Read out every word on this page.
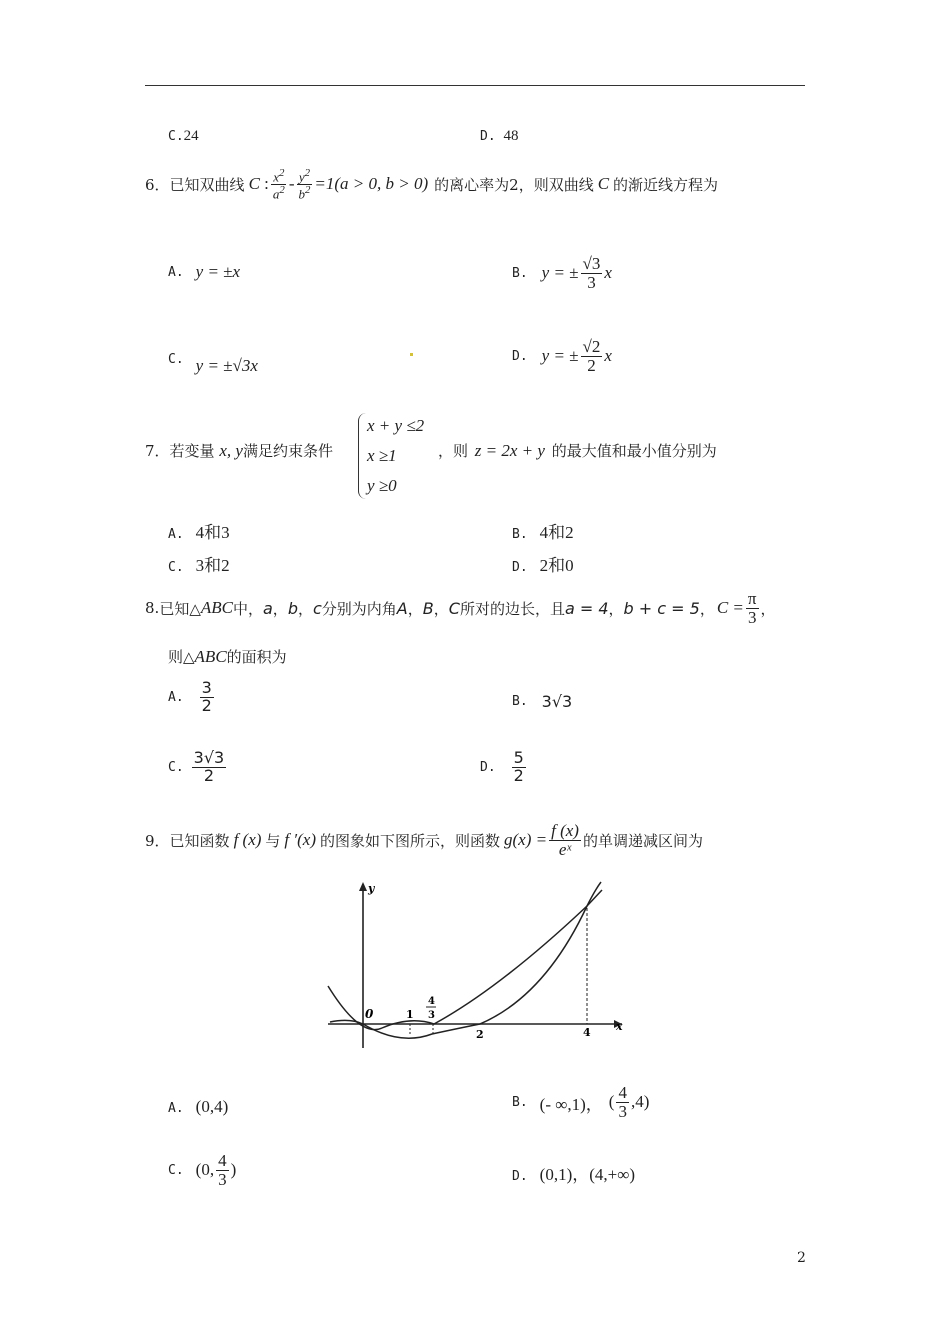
C.24	D. 48
6． 已知双曲线 C : $\frac{x^2}{a^2} - \frac{y^2}{b^2} =1(a > 0$, b > 0) 的离心率为2，则双曲线 C 的渐近线方程为
A. y = ±x	B. y = ± $\frac{√3}{3}$ x
C. y = ±√3x	D. y = ± $\frac{√2}{2}$ x
7．若变量 x, y满足约束条件
x + y ≤2
x ≥1
y ≥0
，则 z = 2x + y 的最大值和最小值分别为
A. 4和3	B. 4和2
C. 3和2	D. 2和0
8. 已知△ ABC 中， a ， b ， c 分别为内角 A ， B ， C 所对的边长，且 a = 4 ， b + c = 5 ， $C = \frac{\pi}{3}$ ，
则△ABC的面积为
A. $\frac{3}{2}$	B. 3√3
C. $\frac{3√3}{2}$	D. $\frac{5}{2}$
9． 已知函数 f (x) 与 f ′(x) 的图象如下图所示，则函数 $g(x) = \frac{f (x)}{\text{eˣ}}$ 的单调递减区间为
y
x
0	1
4
3
2	4
A. (0,4)	B. (- ∞,1)， ( $\frac{4}{3} ,4$)
C. (0, $\frac{4}{3}$ )	D. (0,1)，(4,+∞)
2
